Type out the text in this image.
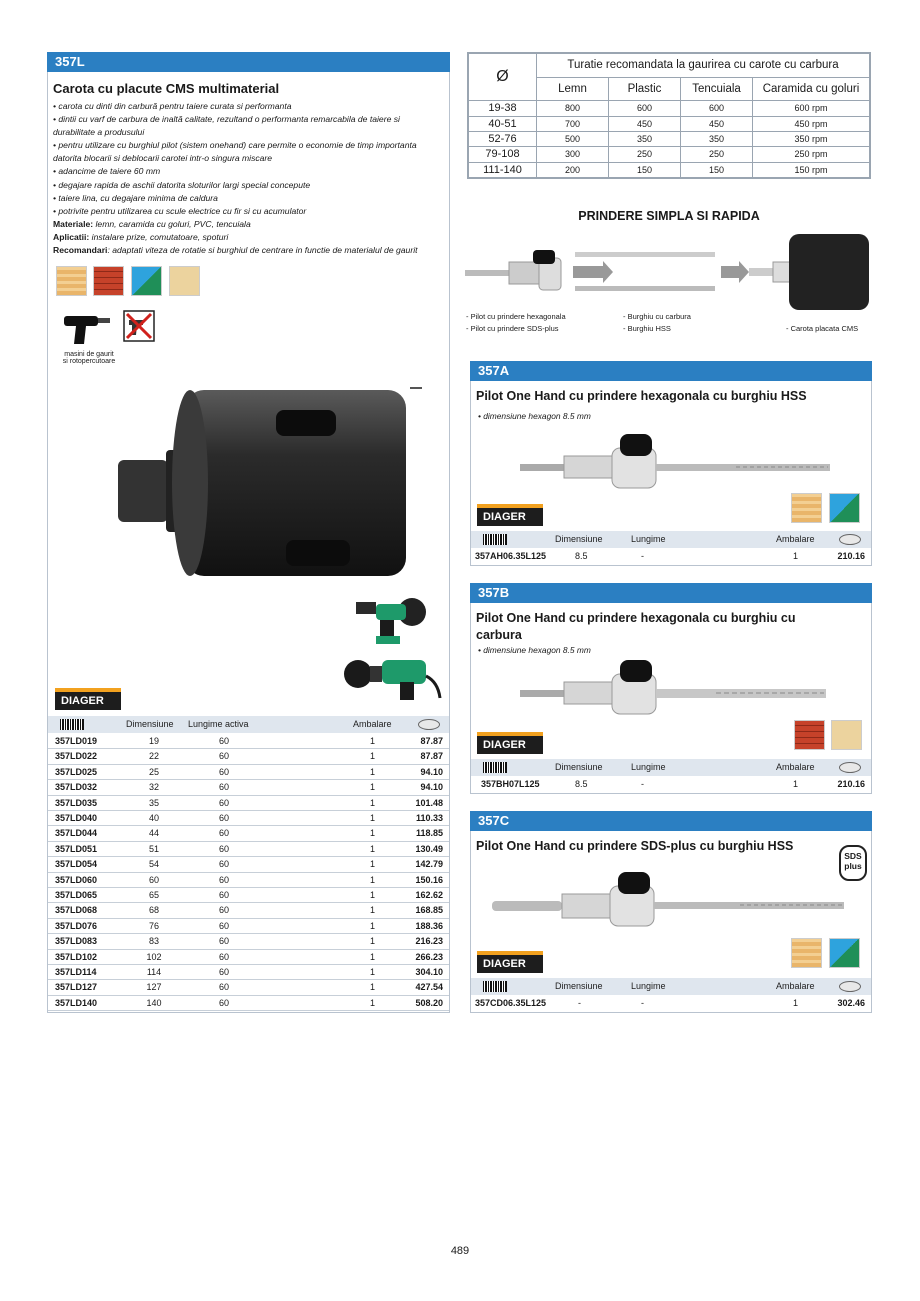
357L
Carota cu placute CMS multimaterial
• carota cu dinti din carbură pentru taiere curata si performanta
• dintii cu varf de carbura de inaltă calitate, rezultand o performanta remarcabila de taiere si
durabilitate a produsului
• pentru utilizare cu burghiul pilot (sistem onehand) care permite o economie de timp importanta
datorita blocarii si deblocarii carotei intr-o singura miscare
• adancime de taiere 60 mm
• degajare rapida de aschii datorita sloturilor largi special concepute
• taiere lina, cu degajare minima de caldura
• potrivite pentru utilizarea cu scule electrice cu fir si cu acumulator
Materiale: lemn, caramida cu goluri, PVC, tencuiala
Aplicatii: instalare prize, comutatoare, spoturi
Recomandari: adaptati viteza de rotatie si burghiul de centrare in functie de materialul de gaurit
masini de gaurit
si rotopercutoare
DIAGER
Dimensiune Lungime activa	Ambalare
357LD019	19	60	1	87.87
357LD022	22	60	1	87.87
357LD025	25	60	1	94.10
357LD032	32	60	1	94.10
357LD035	35	60	1	101.48
357LD040	40	60	1	110.33
357LD044	44	60	1	118.85
357LD051	51	60	1	130.49
357LD054	54	60	1	142.79
357LD060	60	60	1	150.16
357LD065	65	60	1	162.62
357LD068	68	60	1	168.85
357LD076	76	60	1	188.36
357LD083	83	60	1	216.23
357LD102	102	60	1	266.23
357LD114	114	60	1	304.10
357LD127	127	60	1	427.54
357LD140	140	60	1	508.20
Ø	Turatie recomandata la gaurirea cu carote cu carbura			
	Lemn	Plastic	Tencuiala	Caramida cu goluri
19-38	800	600	600	600 rpm
40-51	700	450	450	450 rpm
52-76	500	350	350	350 rpm
79-108	300	250	250	250 rpm
111-140	200	150	150	150 rpm
PRINDERE SIMPLA SI RAPIDA
- Pilot cu prindere hexagonala
- Pilot cu prindere SDS-plus
- Burghiu cu carbura
- Burghiu HSS	- Carota placata CMS
357A
Pilot One Hand cu prindere hexagonala cu burghiu HSS
• dimensiune hexagon 8.5 mm
DIAGER
Dimensiune	Lungime	Ambalare
357AH06.35L125	8.5	-	1	210.16
357B
Pilot One Hand cu prindere hexagonala cu burghiu cu carbura
• dimensiune hexagon 8.5 mm
DIAGER
Dimensiune	Lungime	Ambalare
357BH07L125	8.5	-	1	210.16
357C
Pilot One Hand cu prindere SDS-plus cu burghiu HSS
SDS
plus
DIAGER
Dimensiune	Lungime	Ambalare
357CD06.35L125	-	-	1	302.46
489
